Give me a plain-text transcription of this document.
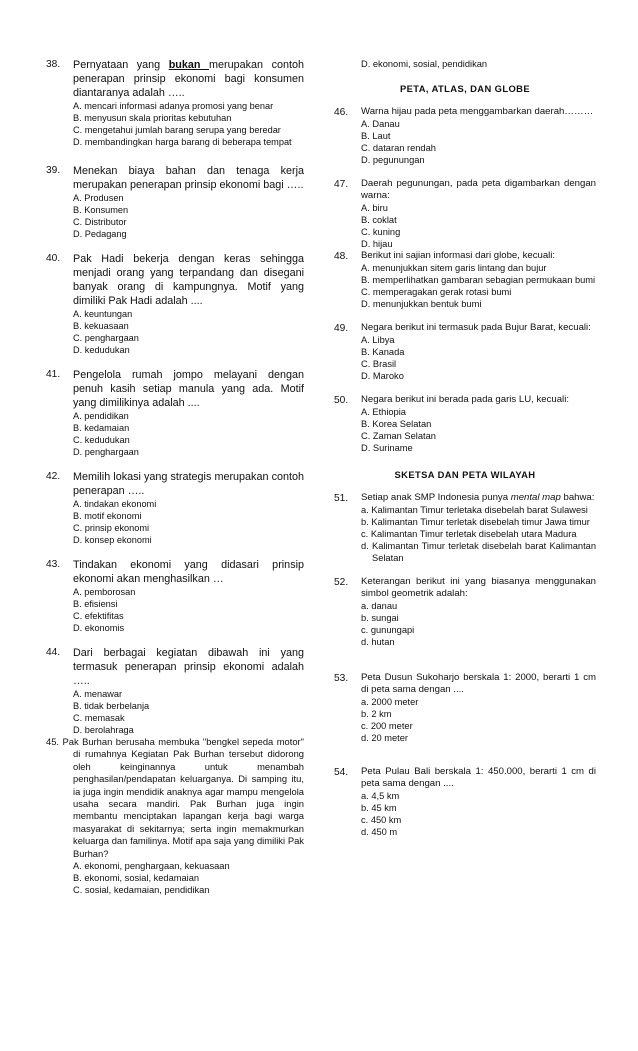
38.	Pernyataan yang bukan merupakan contoh penerapan prinsip ekonomi bagi konsumen diantaranya adalah …..
A. mencari informasi adanya promosi yang benar
B. menyusun skala prioritas kebutuhan
C. mengetahui jumlah barang serupa yang beredar
D. membandingkan harga barang di beberapa tempat
39.	Menekan biaya bahan dan tenaga kerja merupakan penerapan prinsip ekonomi bagi …..
A. Produsen
B. Konsumen
C. Distributor
D. Pedagang
40.	Pak Hadi bekerja dengan keras sehingga menjadi orang yang terpandang dan disegani banyak orang di kampungnya. Motif yang dimiliki Pak Hadi adalah ....
A. keuntungan
B. kekuasaan
C. penghargaan
D. kedudukan
41.	Pengelola rumah jompo melayani dengan penuh kasih setiap manula yang ada. Motif yang dimilikinya adalah ....
A. pendidikan
B. kedamaian
C. kedudukan
D. penghargaan
42.	Memilih lokasi yang strategis merupakan contoh penerapan …..
A. tindakan ekonomi
B. motif ekonomi
C. prinsip ekonomi
D. konsep ekonomi
43.	Tindakan ekonomi yang didasari prinsip ekonomi akan menghasilkan …
A. pemborosan
B. efisiensi
C. efektifitas
D. ekonomis
44.	Dari berbagai kegiatan dibawah ini yang termasuk penerapan prinsip ekonomi adalah …..
A. menawar
B. tidak berbelanja
C. memasak
D. berolahraga
45. Pak Burhan berusaha membuka "bengkel sepeda motor" di rumahnya Kegiatan Pak Burhan tersebut didorong oleh keinginannya untuk menambah penghasilan/pendapatan keluarganya. Di samping itu, ia juga ingin mendidik anaknya agar mampu mengelola usaha secara mandiri. Pak Burhan juga ingin membantu menciptakan lapangan kerja bagi warga masyarakat di sekitarnya; serta ingin memakmurkan keluarga dan familinya. Motif apa saja yang dimiliki Pak Burhan?
A. ekonomi, penghargaan, kekuasaan
B. ekonomi, sosial, kedamaian
C. sosial, kedamaian, pendidikan
D. ekonomi, sosial, pendidikan
PETA, ATLAS, DAN GLOBE
46.	Warna hijau pada peta menggambarkan daerah………
A. Danau
B. Laut
C. dataran rendah
D. pegunungan
47.	Daerah pegunungan, pada peta digambarkan dengan warna:
A. biru
B. coklat
C. kuning
D. hijau
48.	Berikut ini sajian informasi dari globe, kecuali:
A. menunjukkan sitem garis lintang dan bujur
B. memperlihatkan gambaran sebagian permukaan bumi
C. memperagakan gerak rotasi bumi
D. menunjukkan bentuk bumi
49.	Negara berikut ini termasuk pada Bujur Barat, kecuali:
A. Libya
B. Kanada
C. Brasil
D. Maroko
50.	Negara berikut ini berada pada garis LU, kecuali:
A. Ethiopia
B. Korea Selatan
C. Zaman Selatan
D. Suriname
SKETSA DAN PETA WILAYAH
51.	Setiap anak SMP Indonesia punya mental map bahwa:
a. Kalimantan Timur terletaka disebelah barat Sulawesi
b. Kalimantan Timur terletak disebelah timur Jawa timur
c. Kalimantan Timur terletak disebelah utara Madura
d. Kalimantan Timur terletak disebelah barat Kalimantan Selatan
52.	Keterangan berikut ini yang biasanya menggunakan simbol geometrik adalah:
a. danau
b. sungai
c. gunungapi
d. hutan
53.	Peta Dusun Sukoharjo berskala 1: 2000, berarti 1 cm di peta sama dengan ....
a. 2000 meter
b. 2 km
c. 200 meter
d. 20 meter
54.	Peta Pulau Bali berskala 1: 450.000, berarti 1 cm di peta sama dengan ....
a. 4,5 km
b. 45 km
c. 450 km
d. 450 m
